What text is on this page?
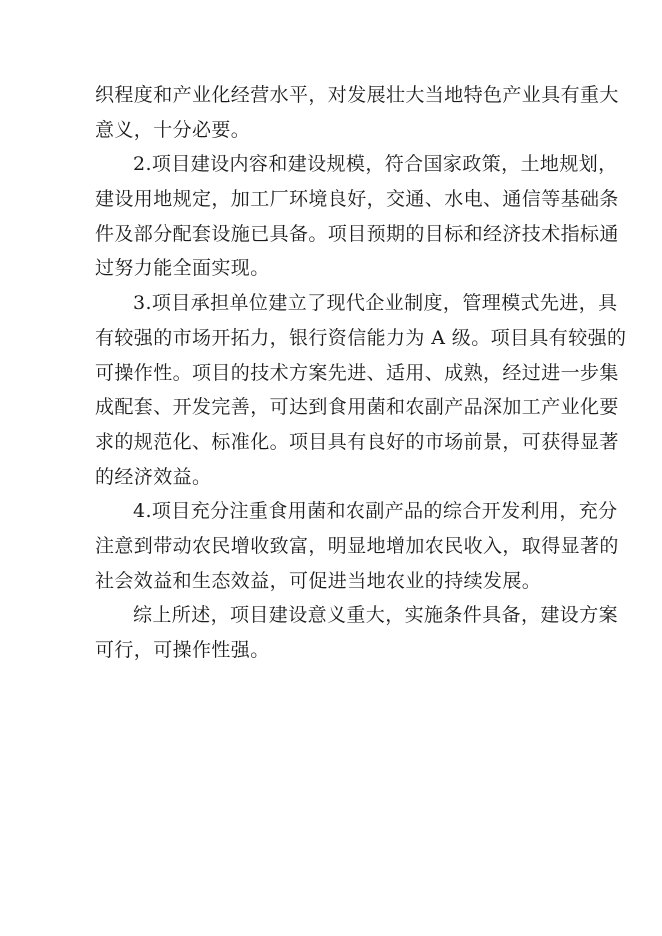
织程度和产业化经营水平，对发展壮大当地特色产业具有重大
意义，十分必要。
2.项目建设内容和建设规模，符合国家政策，土地规划，
建设用地规定，加工厂环境良好，交通、水电、通信等基础条
件及部分配套设施已具备。项目预期的目标和经济技术指标通
过努力能全面实现。
3.项目承担单位建立了现代企业制度，管理模式先进，具
有较强的市场开拓力，银行资信能力为 A 级。项目具有较强的
可操作性。项目的技术方案先进、适用、成熟，经过进一步集
成配套、开发完善，可达到食用菌和农副产品深加工产业化要
求的规范化、标准化。项目具有良好的市场前景，可获得显著
的经济效益。
4.项目充分注重食用菌和农副产品的综合开发利用，充分
注意到带动农民增收致富，明显地增加农民收入，取得显著的
社会效益和生态效益，可促进当地农业的持续发展。
综上所述，项目建设意义重大，实施条件具备，建设方案
可行，可操作性强。
